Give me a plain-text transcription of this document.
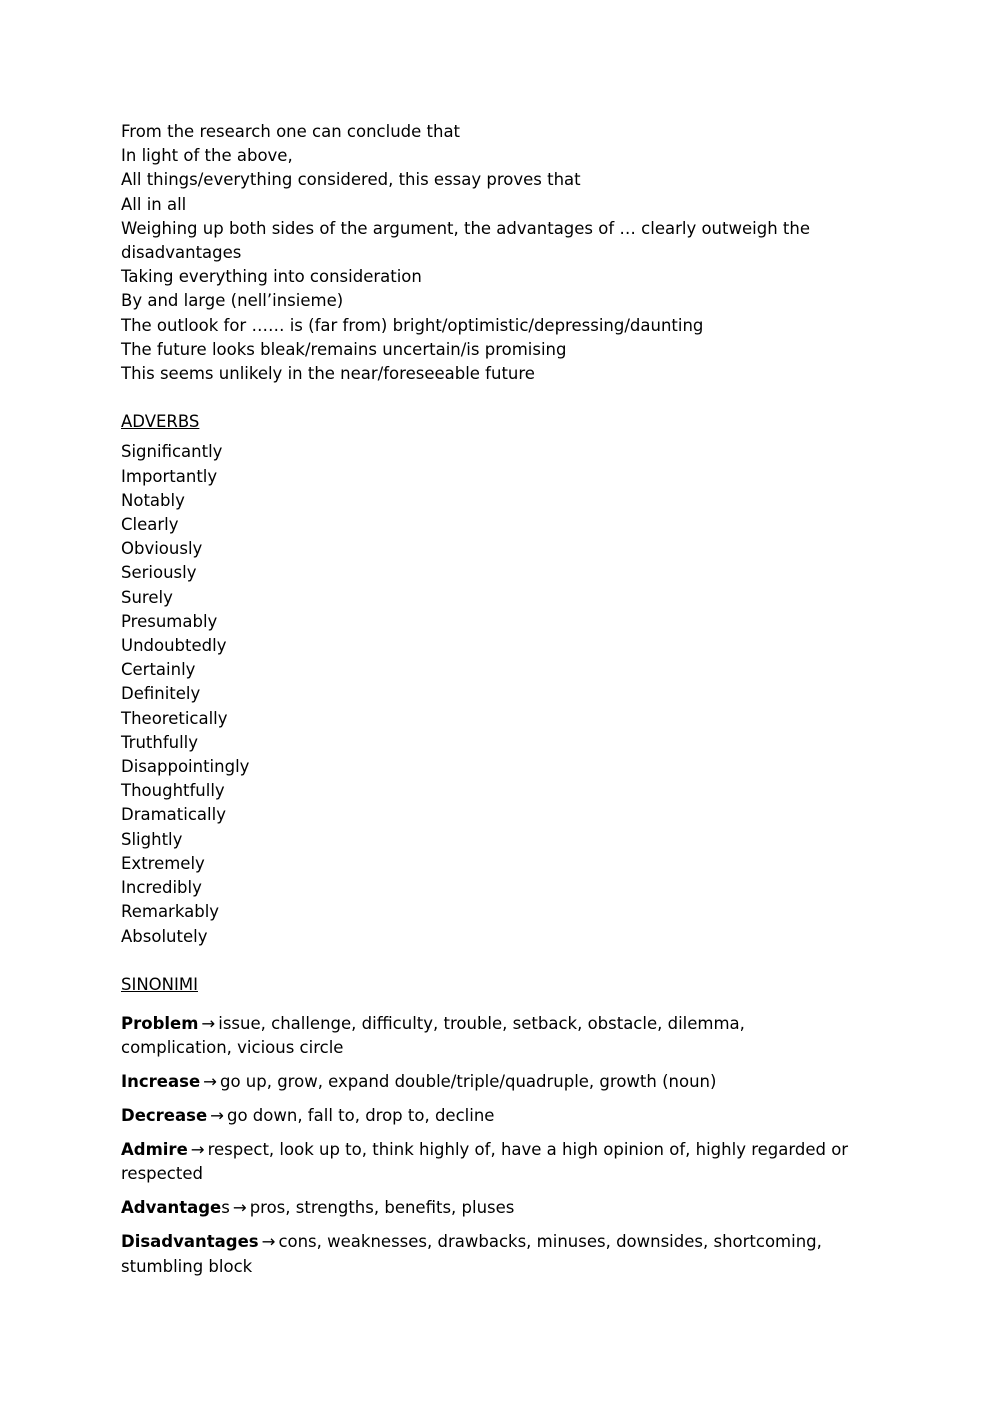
From the research one can conclude that
In light of the above,
All things/everything considered, this essay proves that
All in all
Weighing up both sides of the argument, the advantages of … clearly outweigh the disadvantages
Taking everything into consideration
By and large (nell’insieme)
The outlook for …… is (far from) bright/optimistic/depressing/daunting
The future looks bleak/remains uncertain/is promising
This seems unlikely in the near/foreseeable future
ADVERBS
Significantly
Importantly
Notably
Clearly
Obviously
Seriously
Surely
Presumably
Undoubtedly
Certainly
Definitely
Theoretically
Truthfully
Disappointingly
Thoughtfully
Dramatically
Slightly
Extremely
Incredibly
Remarkably
Absolutely
SINONIMI
Problem → issue, challenge, difficulty, trouble, setback, obstacle, dilemma, complication, vicious circle
Increase → go up, grow, expand double/triple/quadruple, growth (noun)
Decrease → go down, fall to, drop to, decline
Admire → respect, look up to, think highly of, have a high opinion of, highly regarded or respected
Advantages → pros, strengths, benefits, pluses
Disadvantages → cons, weaknesses, drawbacks, minuses, downsides, shortcoming, stumbling block
